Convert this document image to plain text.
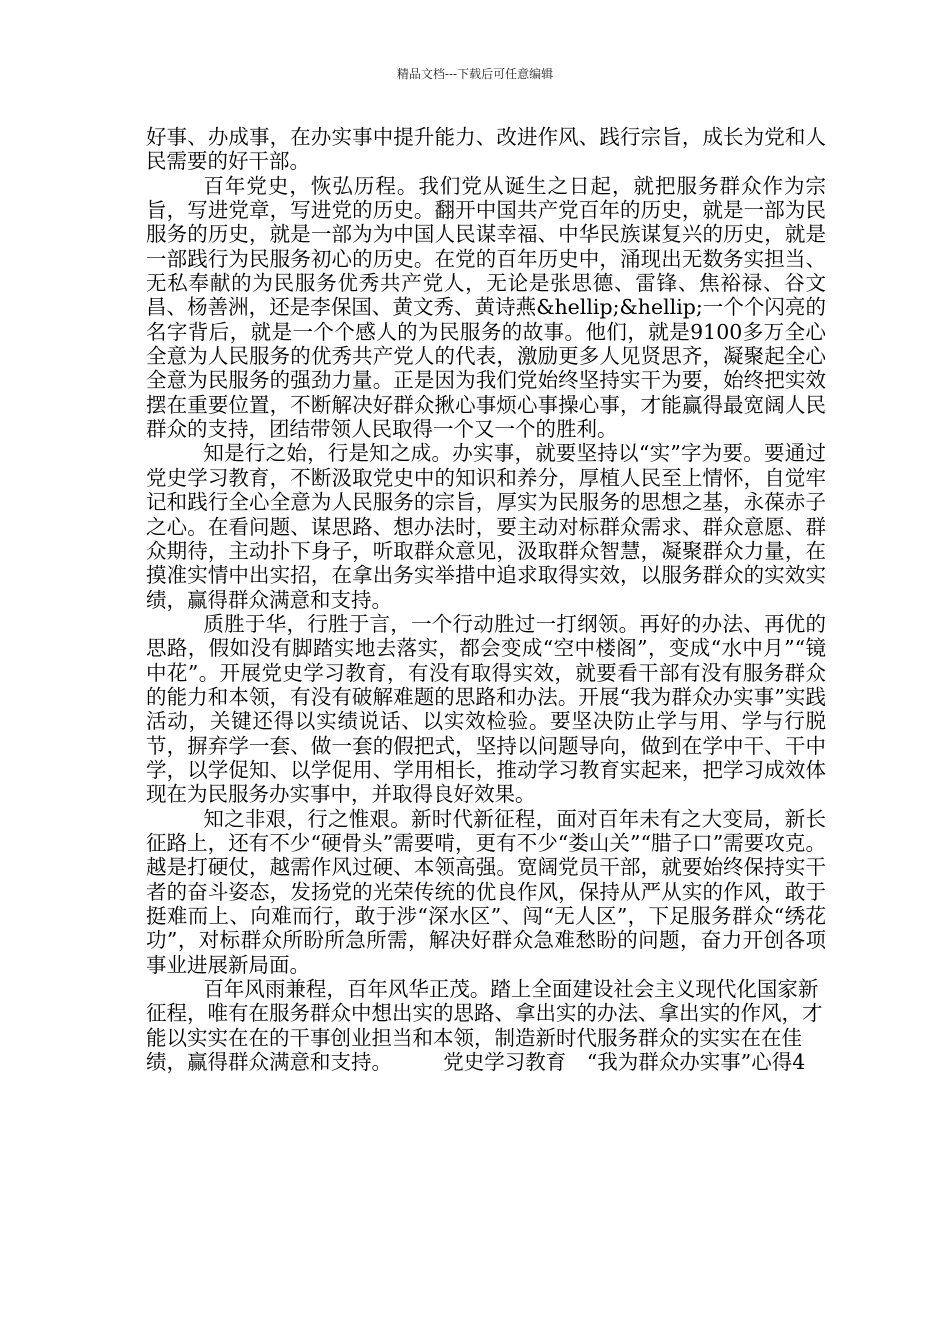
精品文档---下载后可任意编辑

好事、办成事，在办实事中提升能力、改进作风、践行宗旨，成长为党和人民需要的好干部。

百年党史，恢弘历程。我们党从诞生之日起，就把服务群众作为宗旨，写进党章，写进党的历史。翻开中国共产党百年的历史，就是一部为民服务的历史，就是一部为为中国人民谋幸福、中华民族谋复兴的历史，就是一部践行为民服务初心的历史。在党的百年历史中，涌现出无数务实担当、无私奉献的为民服务优秀共产党人，无论是张思德、雷锋、焦裕禄、谷文昌、杨善洲，还是李保国、黄文秀、黄诗燕&hellip;&hellip;一个个闪亮的名字背后，就是一个个感人的为民服务的故事。他们，就是9100多万全心全意为人民服务的优秀共产党人的代表，激励更多人见贤思齐，凝聚起全心全意为民服务的强劲力量。正是因为我们党始终坚持实干为要，始终把实效摆在重要位置，不断解决好群众揪心事烦心事操心事，才能赢得最宽阔人民群众的支持，团结带领人民取得一个又一个的胜利。

知是行之始，行是知之成。办实事，就要坚持以“实”字为要。要通过党史学习教育，不断汲取党史中的知识和养分，厚植人民至上情怀，自觉牢记和践行全心全意为人民服务的宗旨，厚实为民服务的思想之基，永葆赤子之心。在看问题、谋思路、想办法时，要主动对标群众需求、群众意愿、群众期待，主动扑下身子，听取群众意见，汲取群众智慧，凝聚群众力量，在摸准实情中出实招，在拿出务实举措中追求取得实效，以服务群众的实效实绩，赢得群众满意和支持。

质胜于华，行胜于言，一个行动胜过一打纲领。再好的办法、再优的思路，假如没有脚踏实地去落实，都会变成“空中楼阁”，变成“水中月”“镜中花”。开展党史学习教育，有没有取得实效，就要看干部有没有服务群众的能力和本领，有没有破解难题的思路和办法。开展“我为群众办实事”实践活动，关键还得以实绩说话、以实效检验。要坚决防止学与用、学与行脱节，摒弃学一套、做一套的假把式，坚持以问题导向，做到在学中干、干中学，以学促知、以学促用、学用相长，推动学习教育实起来，把学习成效体现在为民服务办实事中，并取得良好效果。

知之非艰，行之惟艰。新时代新征程，面对百年未有之大变局，新长征路上，还有不少“硬骨头”需要啃，更有不少“娄山关”“腊子口”需要攻克。越是打硬仗，越需作风过硬、本领高强。宽阔党员干部，就要始终保持实干者的奋斗姿态，发扬党的光荣传统的优良作风，保持从严从实的作风，敢于挺难而上、向难而行，敢于涉“深水区”、闯“无人区”，下足服务群众“绣花功”，对标群众所盼所急所需，解决好群众急难愁盼的问题，奋力开创各项事业进展新局面。

百年风雨兼程，百年风华正茂。踏上全面建设社会主义现代化国家新征程，唯有在服务群众中想出实的思路、拿出实的办法、拿出实的作风，才能以实实在在的干事创业担当和本领，制造新时代服务群众的实实在在佳绩，赢得群众满意和支持。　　　党史学习教育　“我为群众办实事”心得4
